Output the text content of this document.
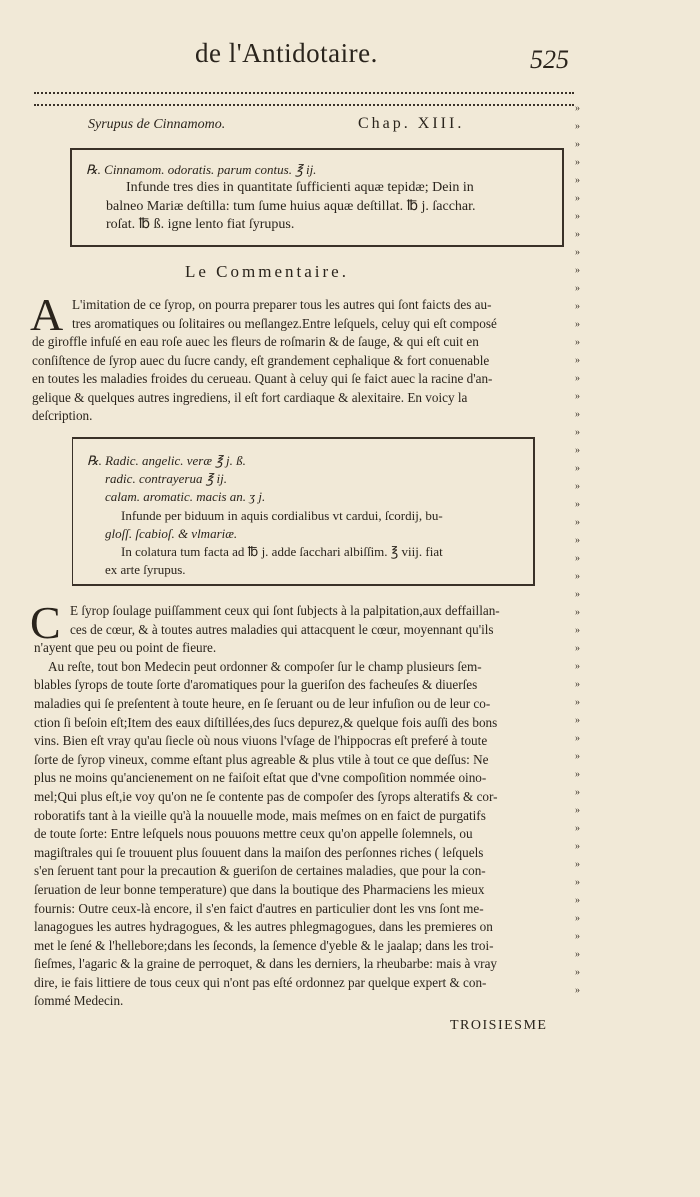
de l'Antidotaire.	525
Syrupus de Cinnamomo.	Chap. XIII.
»
»
»
»
»
»
»
»
»
»
»
»
»
»
»
»
»
»
»
»
»
»
»
»
»
»
»
»
»
»
»
»
»
»
»
»
»
»
»
»
»
»
»
»
»
»
»
»
»
»
℞. Cinnamom. odoratis. parum contus. ℥ ij.
Infunde tres dies in quantitate ſufficienti aquæ tepidæ; Dein in
balneo Mariæ deſtilla: tum ſume huius aquæ deſtillat. ℔ j. ſacchar.
roſat. ℔ ß. igne lento fiat ſyrupus.
Le Commentaire.
A L'imitation de ce ſyrop, on pourra preparer tous les autres qui ſont faicts des au-
tres aromatiques ou ſolitaires ou meſlangez.Entre leſquels, celuy qui eſt composé
de giroffle infuſé en eau roſe auec les fleurs de roſmarin & de ſauge, & qui eſt cuit en
conſiſtence de ſyrop auec du ſucre candy, eſt grandement cephalique & fort conuenable
en toutes les maladies froides du cerueau. Quant à celuy qui ſe faict auec la racine d'an-
gelique & quelques autres ingrediens, il eſt fort cardiaque & alexitaire. En voicy la
deſcription.
℞. Radic. angelic. veræ ℥ j. ß.
radic. contrayerua ℥ ij.
calam. aromatic. macis an. ʒ j.
Infunde per biduum in aquis cordialibus vt cardui, ſcordij, bu-
gloſſ. ſcabioſ. & vlmariæ.
In colatura tum facta ad ℔ j. adde ſacchari albiſſim. ℥ viij. fiat
ex arte ſyrupus.
C E ſyrop ſoulage puiſſamment ceux qui ſont ſubjects à la palpitation,aux deffaillan-
ces de cœur, & à toutes autres maladies qui attacquent le cœur, moyennant qu'ils
n'ayent que peu ou point de fieure.
Au reſte, tout bon Medecin peut ordonner & compoſer ſur le champ plusieurs ſem-
blables ſyrops de toute ſorte d'aromatiques pour la gueriſon des facheuſes & diuerſes
maladies qui ſe preſentent à toute heure, en ſe ſeruant ou de leur infuſion ou de leur co-
ction ſi beſoin eſt;Item des eaux diſtillées,des ſucs depurez,& quelque fois auſſi des bons
vins. Bien eſt vray qu'au ſiecle où nous viuons l'vſage de l'hippocras eſt preferé à toute
ſorte de ſyrop vineux, comme eſtant plus agreable & plus vtile à tout ce que deſſus: Ne
plus ne moins qu'ancienement on ne faiſoit eſtat que d'vne compoſition nommée oino-
mel;Qui plus eſt,ie voy qu'on ne ſe contente pas de compoſer des ſyrops alteratifs & cor-
roboratifs tant à la vieille qu'à la nouuelle mode, mais meſmes on en faict de purgatifs
de toute ſorte: Entre leſquels nous pouuons mettre ceux qu'on appelle ſolemnels, ou
magiſtrales qui ſe trouuent plus ſouuent dans la maiſon des perſonnes riches ( leſquels
s'en ſeruent tant pour la precaution & gueriſon de certaines maladies, que pour la con-
ſeruation de leur bonne temperature) que dans la boutique des Pharmaciens les mieux
fournis: Outre ceux-là encore, il s'en faict d'autres en particulier dont les vns ſont me-
lanagogues les autres hydragogues, & les autres phlegmagogues, dans les premieres on
met le ſené & l'hellebore;dans les ſeconds, la ſemence d'yeble & le jaalap; dans les troi-
ſieſmes, l'agaric & la graine de perroquet, & dans les derniers, la rheubarbe: mais à vray
dire, ie fais littiere de tous ceux qui n'ont pas eſté ordonnez par quelque expert & con-
ſommé Medecin.
TROISIESME
